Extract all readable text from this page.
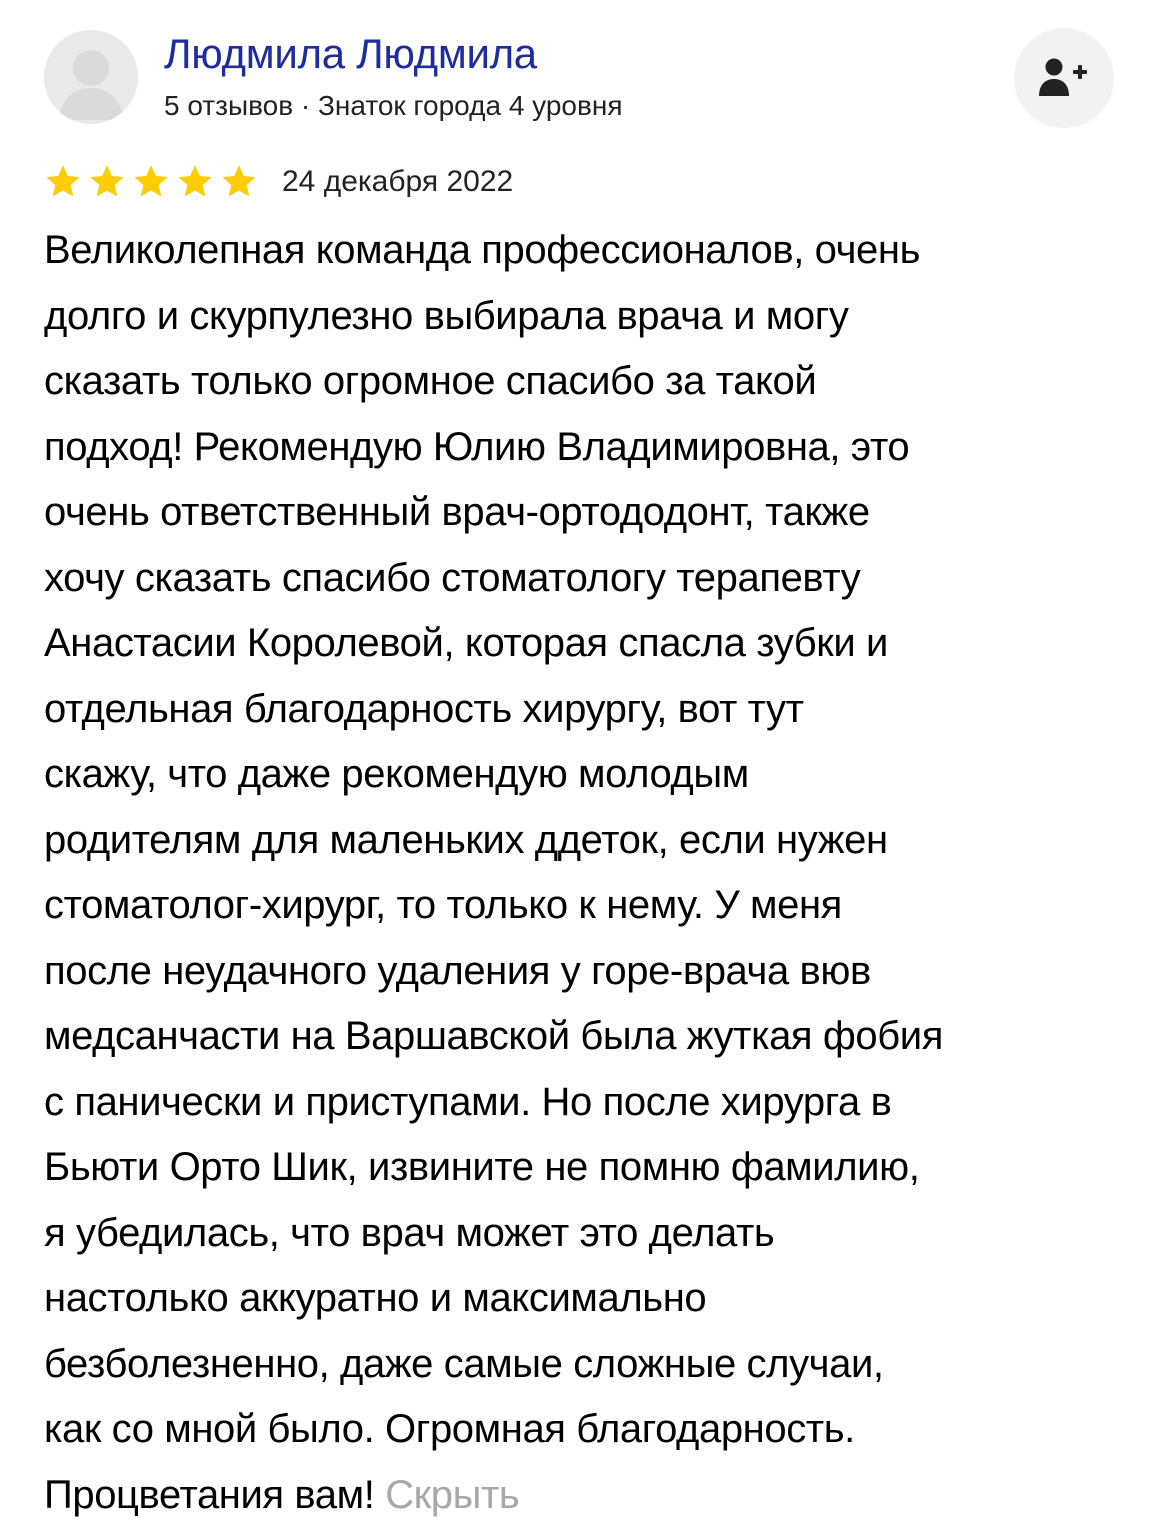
Людмила Людмила
5 отзывов · Знаток города 4 уровня
24 декабря 2022

Великолепная команда профессионалов, очень
долго и скурпулезно выбирала врача и могу
сказать только огромное спасибо за такой
подход! Рекомендую Юлию Владимировна, это
очень ответственный врач-ортододонт, также
хочу сказать спасибо стоматологу терапевту
Анастасии Королевой, которая спасла зубки и
отдельная благодарность хирургу, вот тут
скажу, что даже рекомендую молодым
родителям для маленьких ддеток, если нужен
стоматолог-хирург, то только к нему. У меня
после неудачного удаления у горе-врача вюв
медсанчасти на Варшавской была жуткая фобия
с панически и приступами. Но после хирурга в
Бьюти Орто Шик, извините не помню фамилию,
я убедилась, что врач может это делать
настолько аккуратно и максимально
безболезненно, даже самые сложные случаи,
как со мной было. Огромная благодарность.
Процветания вам! Скрыть
